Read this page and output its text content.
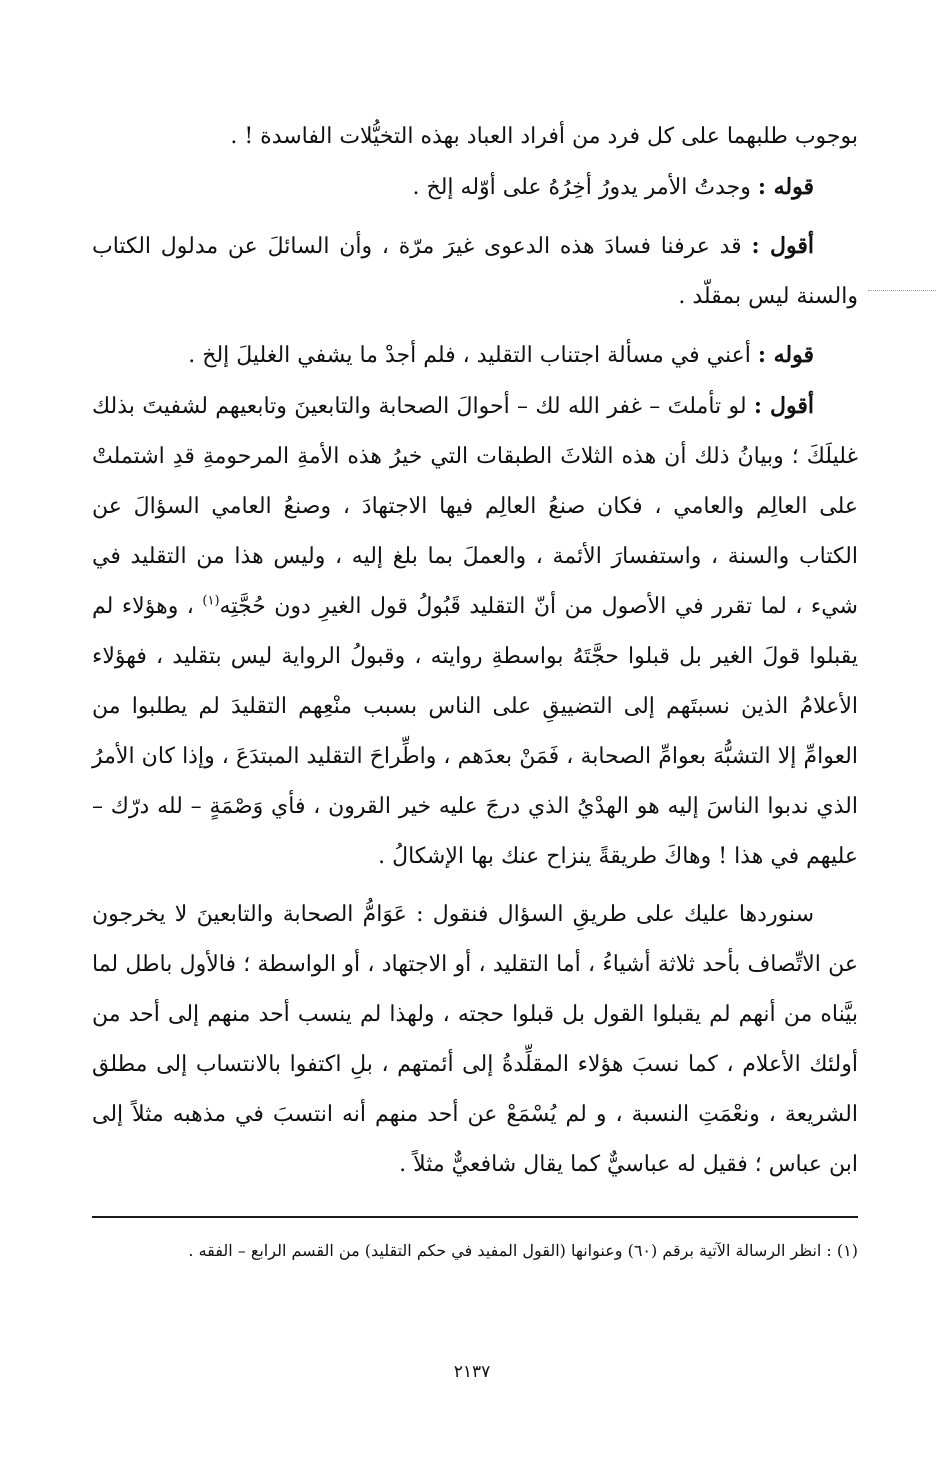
بوجوب طلبهما على كل فرد من أفراد العباد بهذه التخيُّلات الفاسدة ! .

قوله : وجدتُ الأمر يدورُ أخِرُهُ على أوّله إلخ .

أقول : قد عرفنا فسادَ هذه الدعوى غيرَ مرّة ، وأن السائلَ عن مدلول الكتاب والسنة ليس بمقلّد .

قوله : أعني في مسألة اجتناب التقليد ، فلم أجدْ ما يشفي الغليلَ إلخ .

أقول : لو تأملتَ – غفر الله لك – أحوالَ الصحابة والتابعينَ وتابعيهم لشفيتَ بذلك غليلَكَ ؛ وبيانُ ذلك أن هذه الثلاثَ الطبقات التي خيرُ هذه الأمةِ المرحومةِ قدِ اشتملتْ على العالِم والعامي ، فكان صنعُ العالِم فيها الاجتهادَ ، وصنعُ العامي السؤالَ عن الكتاب والسنة ، واستفسارَ الأئمة ، والعملَ بما بلغ إليه ، وليس هذا من التقليد في شيء ، لما تقرر في الأصول من أنّ التقليد قَبُولُ قول الغيرِ دون حُجَّتِه$^{(١)}$ ، وهؤلاء لم يقبلوا قولَ الغير بل قبلوا حجَّتَهُ بواسطةِ روايته ، وقبولُ الرواية ليس بتقليد ، فهؤلاء الأعلامُ الذين نسبتَهم إلى التضييقِ على الناس بسبب منْعِهم التقليدَ لم يطلبوا من العوامِّ إلا التشبُّهَ بعوامِّ الصحابة ، فَمَنْ بعدَهم ، واطِّراحَ التقليد المبتدَعَ ، وإذا كان الأمرُ الذي ندبوا الناسَ إليه هو الهدْيُ الذي درجَ عليه خير القرون ، فأي وَصْمَةٍ – لله درّك – عليهم في هذا ! وهاكَ طريقةً ينزاح عنك بها الإشكالُ .

سنوردها عليك على طريقِ السؤال فنقول : عَوَامُّ الصحابة والتابعينَ لا يخرجون عن الاتِّصاف بأحد ثلاثة أشياءُ ، أما التقليد ، أو الاجتهاد ، أو الواسطة ؛ فالأول باطل لما بيَّناه من أنهم لم يقبلوا القول بل قبلوا حجته ، ولهذا لم ينسب أحد منهم إلى أحد من أولئك الأعلام ، كما نسبَ هؤلاء المقلِّدةُ إلى أئمتهم ، بلِ اكتفوا بالانتساب إلى مطلق الشريعة ، ونعْمَتِ النسبة ، و لم يُسْمَعْ عن أحد منهم أنه انتسبَ في مذهبه مثلاً إلى ابن عباس ؛ فقيل له عباسيٌّ كما يقال شافعيٌّ مثلاً .

(١) : انظر الرسالة الآتية برقم (٦٠) وعنوانها (القول المفيد في حكم التقليد) من القسم الرابع – الفقه .
٢١٣٧
